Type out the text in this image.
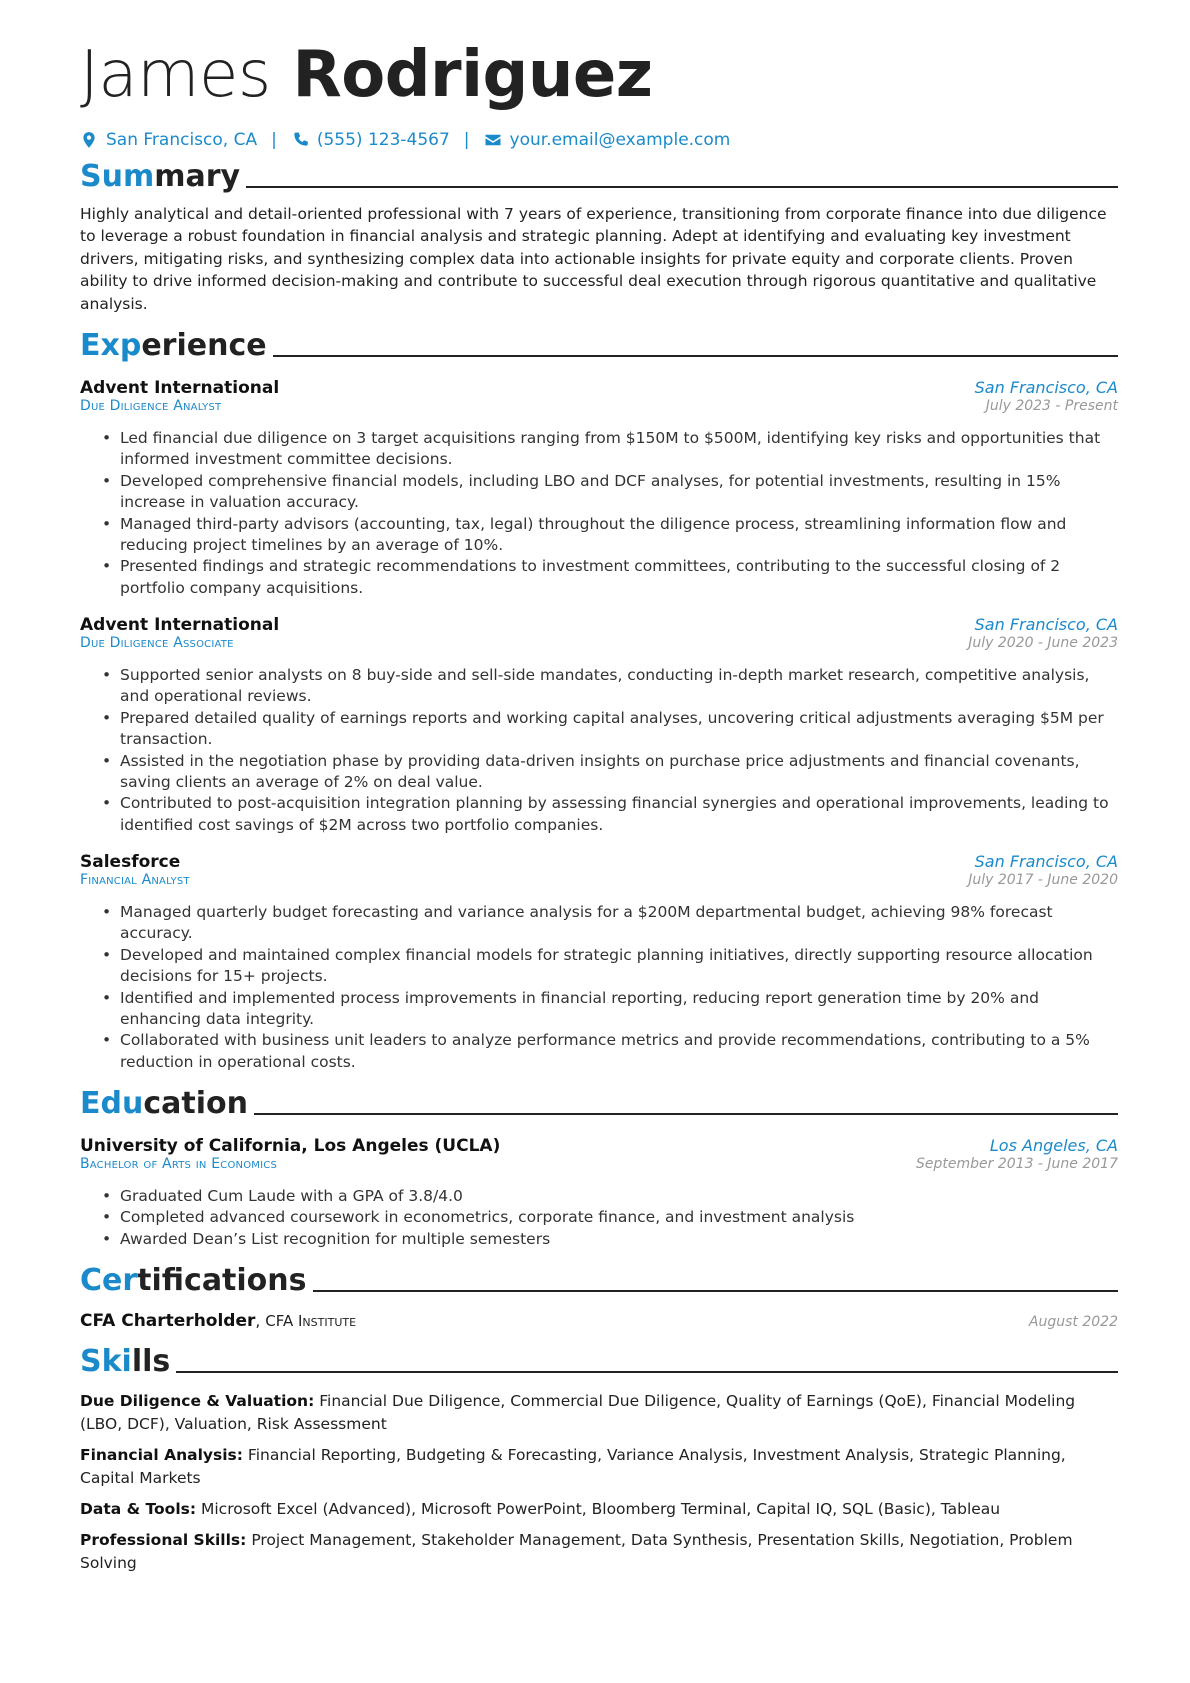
James Rodriguez
San Francisco, CA | (555) 123-4567 | your.email@example.com
Summary

Highly analytical and detail-oriented professional with 7 years of experience, transitioning from corporate finance into due diligence to leverage a robust foundation in financial analysis and strategic planning. Adept at identifying and evaluating key investment drivers, mitigating risks, and synthesizing complex data into actionable insights for private equity and corporate clients. Proven ability to drive informed decision-making and contribute to successful deal execution through rigorous quantitative and qualitative analysis.

Experience
Advent International	San Francisco, CA
Due Diligence Analyst	July 2023 - Present
• Led financial due diligence on 3 target acquisitions ranging from $150M to $500M, identifying key risks and opportunities that informed investment committee decisions.
• Developed comprehensive financial models, including LBO and DCF analyses, for potential investments, resulting in 15% increase in valuation accuracy.
• Managed third-party advisors (accounting, tax, legal) throughout the diligence process, streamlining information flow and reducing project timelines by an average of 10%.
• Presented findings and strategic recommendations to investment committees, contributing to the successful closing of 2 portfolio company acquisitions.
Advent International	San Francisco, CA
Due Diligence Associate	July 2020 - June 2023
• Supported senior analysts on 8 buy-side and sell-side mandates, conducting in-depth market research, competitive analysis, and operational reviews.
• Prepared detailed quality of earnings reports and working capital analyses, uncovering critical adjustments averaging $5M per transaction.
• Assisted in the negotiation phase by providing data-driven insights on purchase price adjustments and financial covenants, saving clients an average of 2% on deal value.
• Contributed to post-acquisition integration planning by assessing financial synergies and operational improvements, leading to identified cost savings of $2M across two portfolio companies.
Salesforce	San Francisco, CA
Financial Analyst	July 2017 - June 2020
• Managed quarterly budget forecasting and variance analysis for a $200M departmental budget, achieving 98% forecast accuracy.
• Developed and maintained complex financial models for strategic planning initiatives, directly supporting resource allocation decisions for 15+ projects.
• Identified and implemented process improvements in financial reporting, reducing report generation time by 20% and enhancing data integrity.
• Collaborated with business unit leaders to analyze performance metrics and provide recommendations, contributing to a 5% reduction in operational costs.
Education
University of California, Los Angeles (UCLA)	Los Angeles, CA
Bachelor of Arts in Economics	September 2013 - June 2017
• Graduated Cum Laude with a GPA of 3.8/4.0
• Completed advanced coursework in econometrics, corporate finance, and investment analysis
• Awarded Dean’s List recognition for multiple semesters
Certifications
CFA Charterholder, CFA Institute	August 2022
Skills

Due Diligence & Valuation: Financial Due Diligence, Commercial Due Diligence, Quality of Earnings (QoE), Financial Modeling (LBO, DCF), Valuation, Risk Assessment

Financial Analysis: Financial Reporting, Budgeting & Forecasting, Variance Analysis, Investment Analysis, Strategic Planning, Capital Markets

Data & Tools: Microsoft Excel (Advanced), Microsoft PowerPoint, Bloomberg Terminal, Capital IQ, SQL (Basic), Tableau

Professional Skills: Project Management, Stakeholder Management, Data Synthesis, Presentation Skills, Negotiation, Problem Solving
